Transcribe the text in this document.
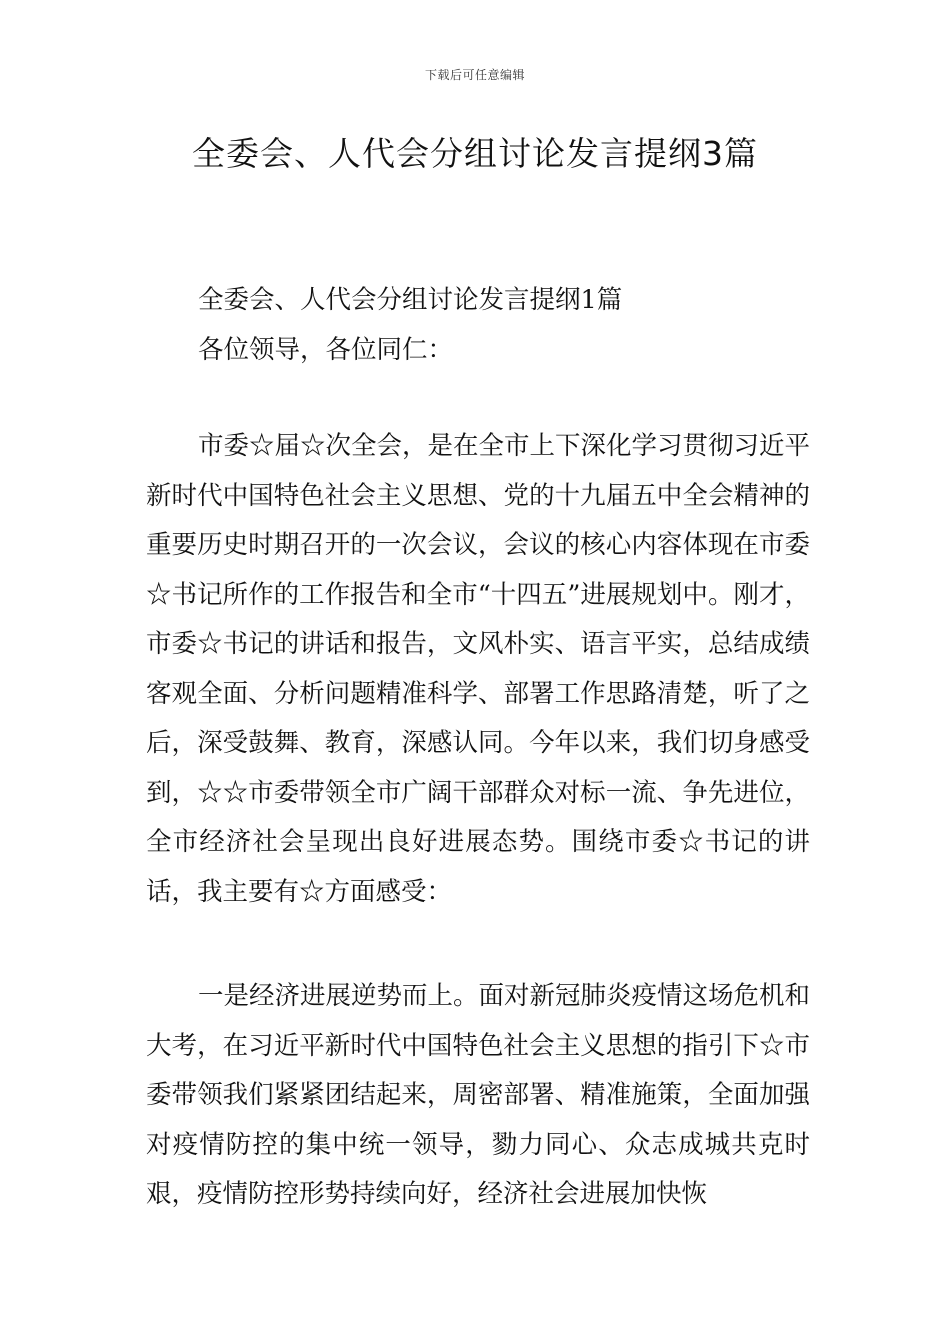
下载后可任意编辑
全委会、人代会分组讨论发言提纲3篇

全委会、人代会分组讨论发言提纲1篇

各位领导，各位同仁：

市委☆届☆次全会，是在全市上下深化学习贯彻习近平新时代中国特色社会主义思想、党的十九届五中全会精神的重要历史时期召开的一次会议，会议的核心内容体现在市委☆书记所作的工作报告和全市“十四五”进展规划中。刚才，市委☆书记的讲话和报告，文风朴实、语言平实，总结成绩客观全面、分析问题精准科学、部署工作思路清楚，听了之后，深受鼓舞、教育，深感认同。今年以来，我们切身感受到，☆☆市委带领全市广阔干部群众对标一流、争先进位，全市经济社会呈现出良好进展态势。围绕市委☆书记的讲话，我主要有☆方面感受：

一是经济进展逆势而上。面对新冠肺炎疫情这场危机和大考，在习近平新时代中国特色社会主义思想的指引下☆市委带领我们紧紧团结起来，周密部署、精准施策，全面加强对疫情防控的集中统一领导，勠力同心、众志成城共克时艰，疫情防控形势持续向好，经济社会进展加快恢
